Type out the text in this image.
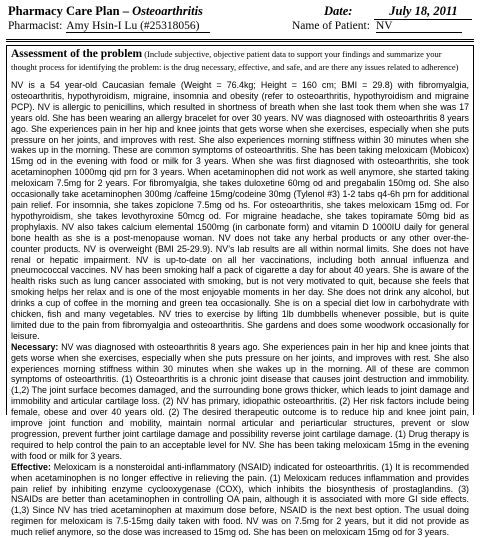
Pharmacy Care Plan – Osteoarthritis	Date:	July 18, 2011
Pharmacist: Amy Hsin-I Lu (#25318056)	Name of Patient: NV
Assessment of the problem (Include subjective, objective patient data to support your findings and summarize your thought process for identifying the problem: is the drug necessary, effective, and safe, and are there any issues related to adherence)

NV is a 54 year-old Caucasian female (Weight = 76.4kg; Height = 160 cm; BMI = 29.8) with fibromyalgia, osteoarthritis, hypothyroidism, migraine, insomnia and obesity (refer to osteoarthritis, hypothyroidism and migraine PCP). NV is allergic to penicillins, which resulted in shortness of breath when she last took them when she was 17 years old. She has been wearing an allergy bracelet for over 30 years. NV was diagnosed with osteoarthritis 8 years ago. She experiences pain in her hip and knee joints that gets worse when she exercises, especially when she puts pressure on her joints, and improves with rest. She also experiences morning stiffness within 30 minutes when she wakes up in the morning. These are common symptoms of osteoarthritis. She has been taking meloxicam (Mobicox) 15mg od in the evening with food or milk for 3 years. When she was first diagnosed with osteoarthritis, she took acetaminophen 1000mg qid prn for 3 years. When acetaminophen did not work as well anymore, she started taking meloxicam 7.5mg for 2 years. For fibromyalgia, she takes duloxetine 60mg od and pregabalin 150mg od. She also occasionally take acetaminophen 300mg /caffeine 15mg/codeine 30mg (Tylenol #3) 1-2 tabs q4-6h prn for additional pain relief. For insomnia, she takes zopiclone 7.5mg od hs. For osteoarthritis, she takes meloxicam 15mg od. For hypothyroidism, she takes levothyroxine 50mcg od. For migraine headache, she takes topiramate 50mg bid as prophylaxis. NV also takes calcium elemental 1500mg (in carbonate form) and vitamin D 1000IU daily for general bone health as she is a post-menopause woman. NV does not take any herbal products or any other over-the-counter products. NV is overweight (BMI 25-29.9). NV’s lab results are all within normal limits. She does not have renal or hepatic impairment. NV is up-to-date on all her vaccinations, including both annual influenza and pneumococcal vaccines. NV has been smoking half a pack of cigarette a day for about 40 years. She is aware of the health risks such as lung cancer associated with smoking, but is not very motivated to quit, because she feels that smoking helps her relax and is one of the most enjoyable moments in her day. She does not drink any alcohol, but drinks a cup of coffee in the morning and green tea occasionally. She is on a special diet low in carbohydrate with chicken, fish and many vegetables. NV tries to exercise by lifting 1lb dumbbells whenever possible, but is quite limited due to the pain from fibromyalgia and osteoarthritis. She gardens and does some woodwork occasionally for leisure.

Necessary: NV was diagnosed with osteoarthritis 8 years ago. She experiences pain in her hip and knee joints that gets worse when she exercises, especially when she puts pressure on her joints, and improves with rest. She also experiences morning stiffness within 30 minutes when she wakes up in the morning. All of these are common symptoms of osteoarthritis. (1) Osteoarthritis is a chronic joint disease that causes joint destruction and immobility. (1,2) The joint surface becomes damaged, and the surrounding bone grows thicker, which leads to joint damage and immobility and articular cartilage loss. (2) NV has primary, idiopathic osteoarthritis. (2) Her risk factors include being female, obese and over 40 years old. (2) The desired therapeutic outcome is to reduce hip and knee joint pain, improve joint function and mobility, maintain normal articular and periarticular structures, prevent or slow progression, prevent further joint cartilage damage and possibility reverse joint cartilage damage. (1) Drug therapy is required to help control the pain to an acceptable level for NV. She has been taking meloxicam 15mg in the evening with food or milk for 3 years.

Effective: Meloxicam is a nonsteroidal anti-inflammatory (NSAID) indicated for osteoarthritis. (1) It is recommended when acetaminophen is no longer effective in relieving the pain. (1) Meloxicam reduces inflammation and provides pain relief by inhibiting enzyme cyclooxygenase (COX), which inhibits the biosynthesis of prostaglandins. (3) NSAIDs are better than acetaminophen in controlling OA pain, although it is associated with more GI side effects. (1,3) Since NV has tried acetaminophen at maximum dose before, NSAID is the next best option. The usual doing regimen for meloxicam is 7.5-15mg daily taken with food. NV was on 7.5mg for 2 years, but it did not provide as much relief anymore, so the dose was increased to 15mg od. She has been on meloxicam 15mg od for 3 years.
